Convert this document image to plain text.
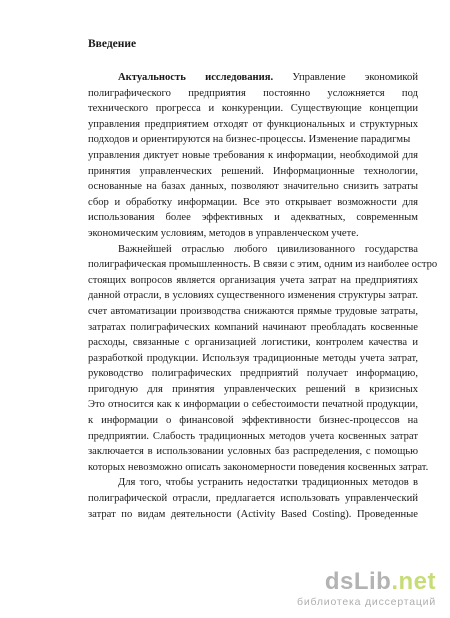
Введение
Актуальность исследования. Управление экономикой
полиграфического предприятия постоянно усложняется под
технического прогресса и конкуренции. Существующие концепции
управления предприятием отходят от функциональных и структурных
подходов и ориентируются на бизнес-процессы. Изменение парадигмы
управления диктует новые требования к информации, необходимой для
принятия управленческих решений. Информационные технологии,
основанные на базах данных, позволяют значительно снизить затраты
сбор и обработку информации. Все это открывает возможности для
использования более эффективных и адекватных, современным
экономическим условиям, методов в управленческом учете.
Важнейшей отраслью любого цивилизованного государства
полиграфическая промышленность. В связи с этим, одним из наиболее остро
стоящих вопросов является организация учета затрат на предприятиях
данной отрасли, в условиях существенного изменения структуры затрат.
счет автоматизации производства снижаются прямые трудовые затраты,
затратах полиграфических компаний начинают преобладать косвенные
расходы, связанные с организацией логистики, контролем качества и
разработкой продукции. Используя традиционные методы учета затрат,
руководство полиграфических предприятий получает информацию,
пригодную для принятия управленческих решений в кризисных
Это относится как к информации о себестоимости печатной продукции,
к информации о финансовой эффективности бизнес-процессов на
предприятии. Слабость традиционных методов учета косвенных затрат
заключается в использовании условных баз распределения, с помощью
которых невозможно описать закономерности поведения косвенных затрат.
Для того, чтобы устранить недостатки традиционных методов в
полиграфической отрасли, предлагается использовать управленческий
затрат по видам деятельности (Activity Based Costing). Проведенные
dsLib.net
библиотека диссертаций
